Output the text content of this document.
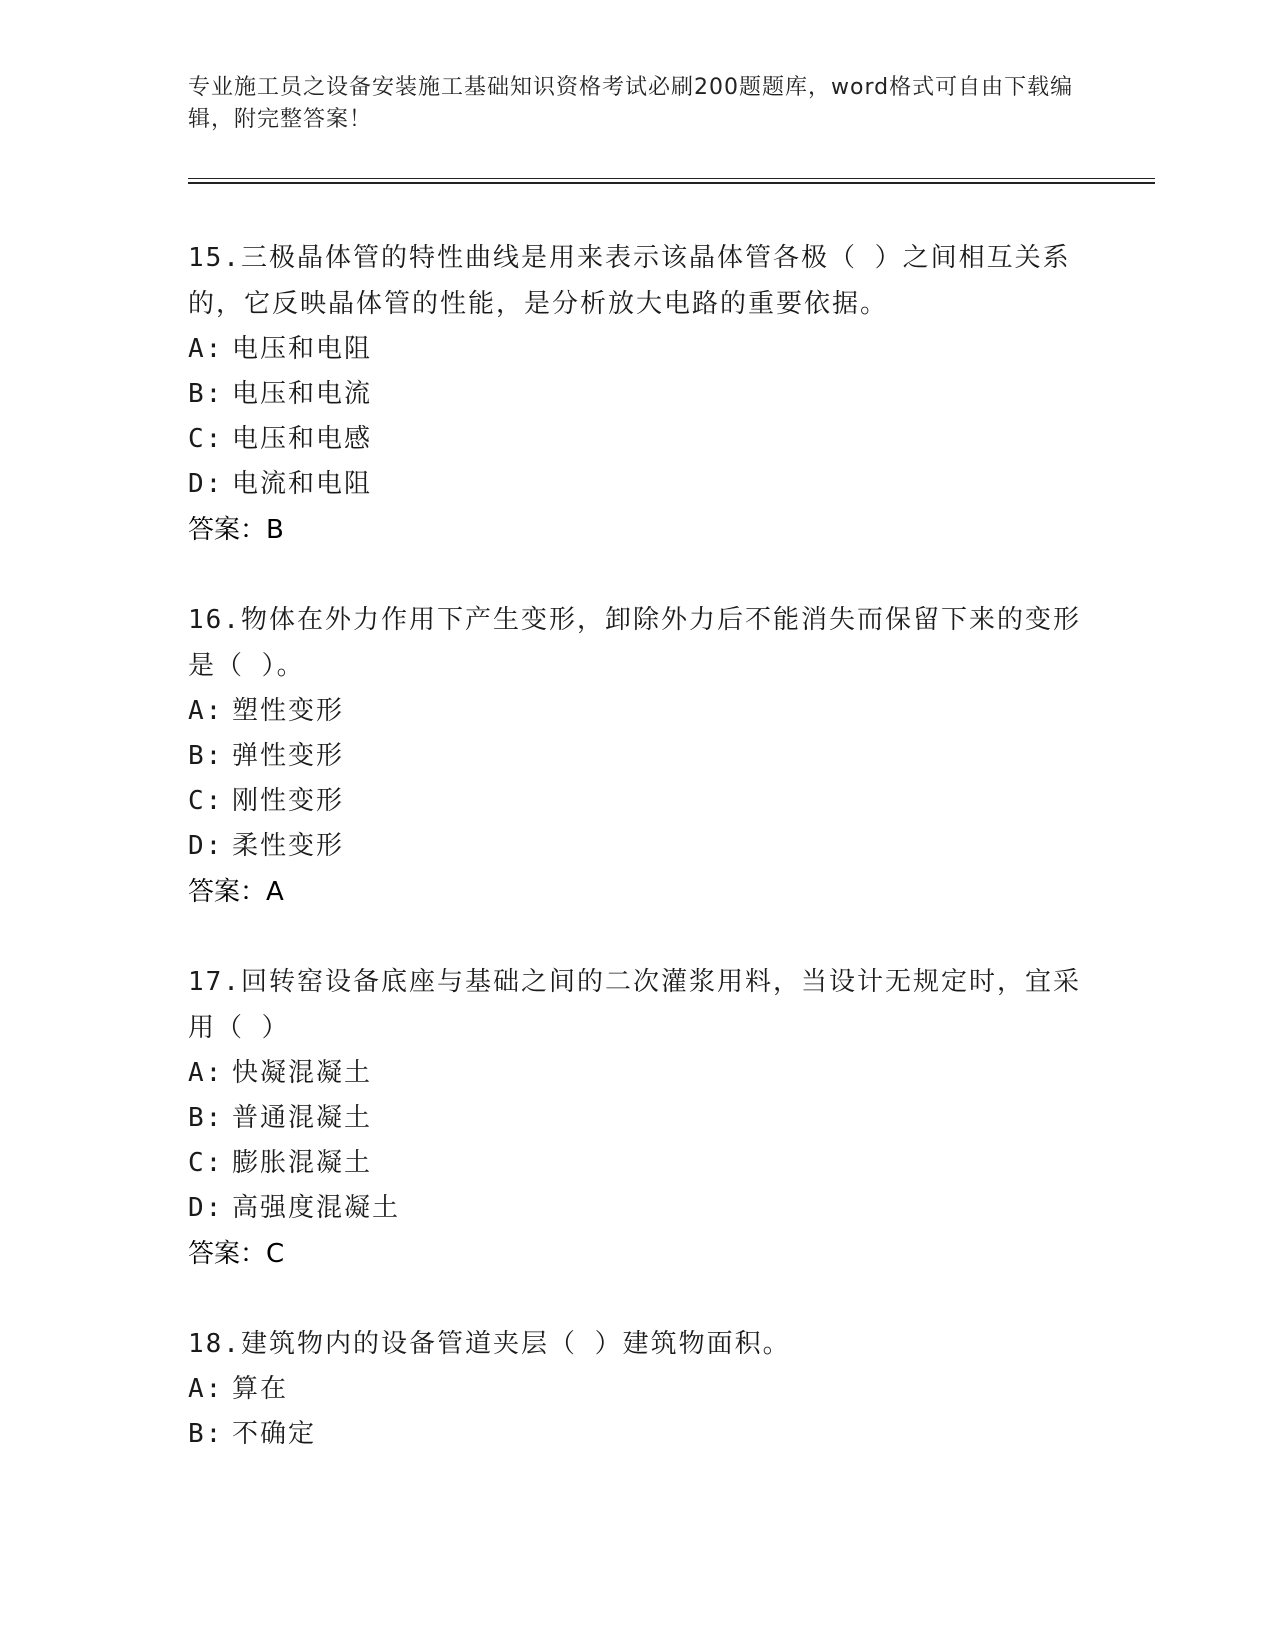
专业施工员之设备安装施工基础知识资格考试必刷200题题库，word格式可自由下载编辑，附完整答案！
15.三极晶体管的特性曲线是用来表示该晶体管各极（ ）之间相互关系的，它反映晶体管的性能，是分析放大电路的重要依据。
A: 电压和电阻
B: 电压和电流
C: 电压和电感
D: 电流和电阻
答案：B
16.物体在外力作用下产生变形，卸除外力后不能消失而保留下来的变形是（ ）。
A: 塑性变形
B: 弹性变形
C: 刚性变形
D: 柔性变形
答案：A
17.回转窑设备底座与基础之间的二次灌浆用料，当设计无规定时，宜采用（ ）
A: 快凝混凝土
B: 普通混凝土
C: 膨胀混凝土
D: 高强度混凝土
答案：C
18.建筑物内的设备管道夹层（ ）建筑物面积。
A: 算在
B: 不确定
